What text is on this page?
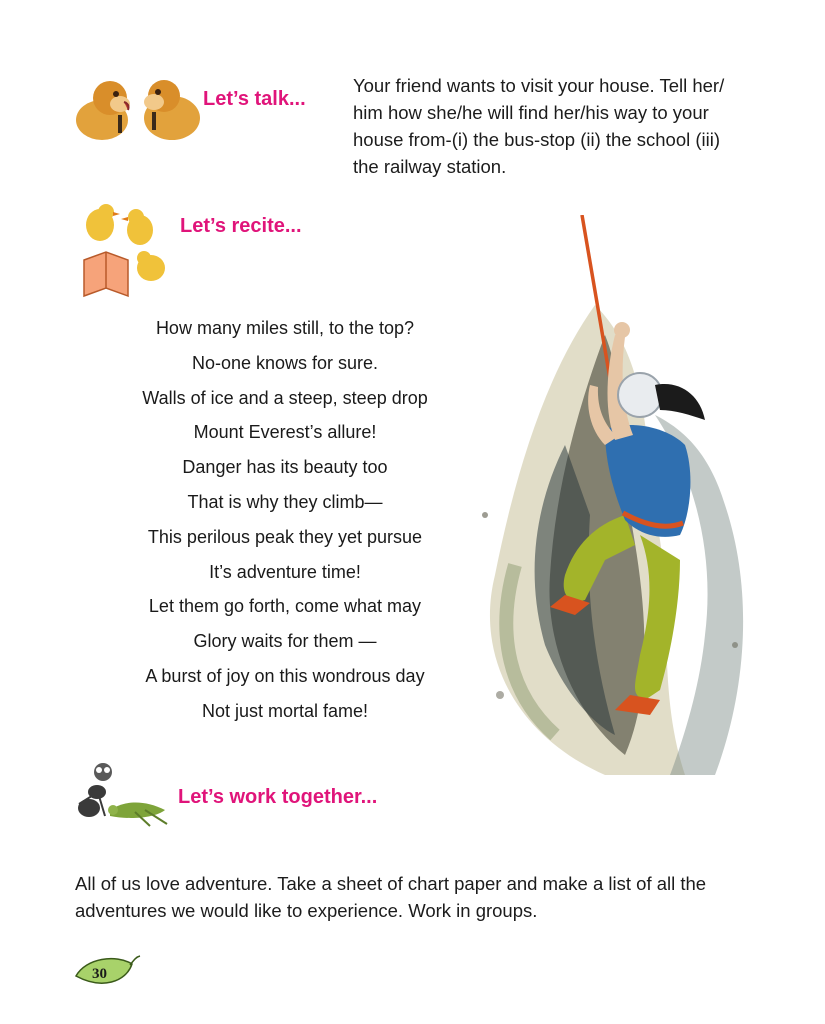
Let’s talk...
Your friend wants to visit your house. Tell her/
him how she/he will find her/his way to your
house from-(i) the bus-stop (ii) the school (iii)
the railway station.
Let’s recite...
How many miles still, to the top?
No-one knows for sure.
Walls of ice and a steep, steep drop
Mount Everest’s allure!
Danger has its beauty too
That is why they climb—
This perilous peak they yet pursue
It’s adventure time!
Let them go forth, come what may
Glory waits for them —
A burst of joy on this wondrous day
Not just mortal fame!
Let’s work together...
All of us love adventure. Take a sheet of chart paper and make a list of all the
adventures we would like to experience. Work in groups.
30
